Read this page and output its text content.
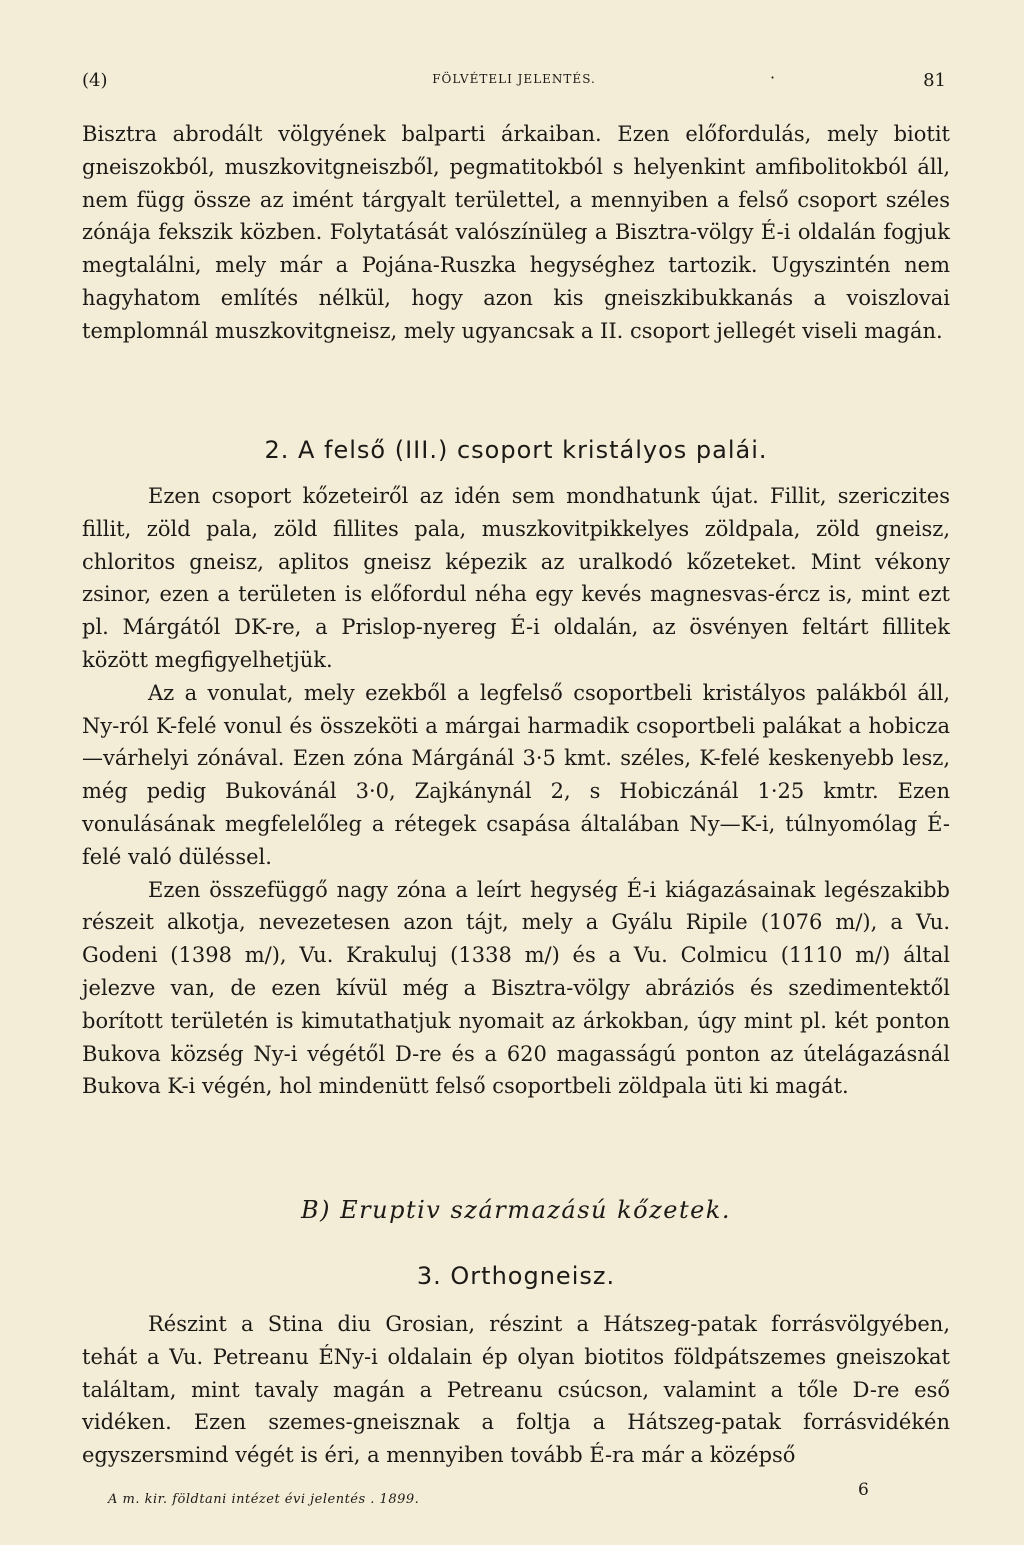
(4)	FÖLVÉTELI JELENTÉS.	·	81

Bisztra abrodált völgyének balparti árkaiban. Ezen előfordulás, mely biotit gneiszokból, muszkovitgneiszből, pegmatitokból s helyenkint amfibolitokból áll, nem függ össze az imént tárgyalt területtel, a mennyiben a felső csoport széles zónája fekszik közben. Folytatását valószínüleg a Bisztra-völgy É-i oldalán fogjuk megtalálni, mely már a Pojána-Ruszka hegységhez tartozik. Ugyszintén nem hagyhatom említés nélkül, hogy azon kis gneiszkibukkanás a voiszlovai templomnál muszkovitgneisz, mely ugyancsak a II. csoport jellegét viseli magán.

2. A felső (III.) csoport kristályos palái.

Ezen csoport kőzeteiről az idén sem mondhatunk újat. Fillit, szericzites fillit, zöld pala, zöld fillites pala, muszkovitpikkelyes zöldpala, zöld gneisz, chloritos gneisz, aplitos gneisz képezik az uralkodó kőzeteket. Mint vékony zsinor, ezen a területen is előfordul néha egy kevés magnesvas-ércz is, mint ezt pl. Márgától DK-re, a Prislop-nyereg É-i oldalán, az ösvényen feltárt fillitek között megfigyelhetjük.

Az a vonulat, mely ezekből a legfelső csoportbeli kristályos palákból áll, Ny-ról K-felé vonul és összeköti a márgai harmadik csoportbeli palákat a hobicza—várhelyi zónával. Ezen zóna Márgánál 3·5 kmt. széles, K-felé keskenyebb lesz, még pedig Bukovánál 3·0, Zajkánynál 2, s Hobiczánál 1·25 kmtr. Ezen vonulásának megfelelőleg a rétegek csapása általában Ny—K-i, túlnyomólag É-felé való düléssel.

Ezen összefüggő nagy zóna a leírt hegység É-i kiágazásainak legészakibb részeit alkotja, nevezetesen azon tájt, mely a Gyálu Ripile (1076 m/), a Vu. Godeni (1398 m/), Vu. Krakuluj (1338 m/) és a Vu. Colmicu (1110 m/) által jelezve van, de ezen kívül még a Bisztra-völgy abráziós és szedimentektől borított területén is kimutathatjuk nyomait az árkokban, úgy mint pl. két ponton Bukova község Ny-i végétől D-re és a 620 magasságú ponton az útelágazásnál Bukova K-i végén, hol mindenütt felső csoportbeli zöldpala üti ki magát.

B) Eruptiv származású kőzetek.
3. Orthogneisz.

Részint a Stina diu Grosian, részint a Hátszeg-patak forrásvölgyében, tehát a Vu. Petreanu ÉNy-i oldalain ép olyan biotitos földpátszemes gneiszokat találtam, mint tavaly magán a Petreanu csúcson, valamint a tőle D-re eső vidéken. Ezen szemes-gneisznak a foltja a Hátszeg-patak forrásvidékén egyszersmind végét is éri, a mennyiben tovább É-ra már a középső

A m. kir. földtani intézet évi jelentés . 1899.	6
